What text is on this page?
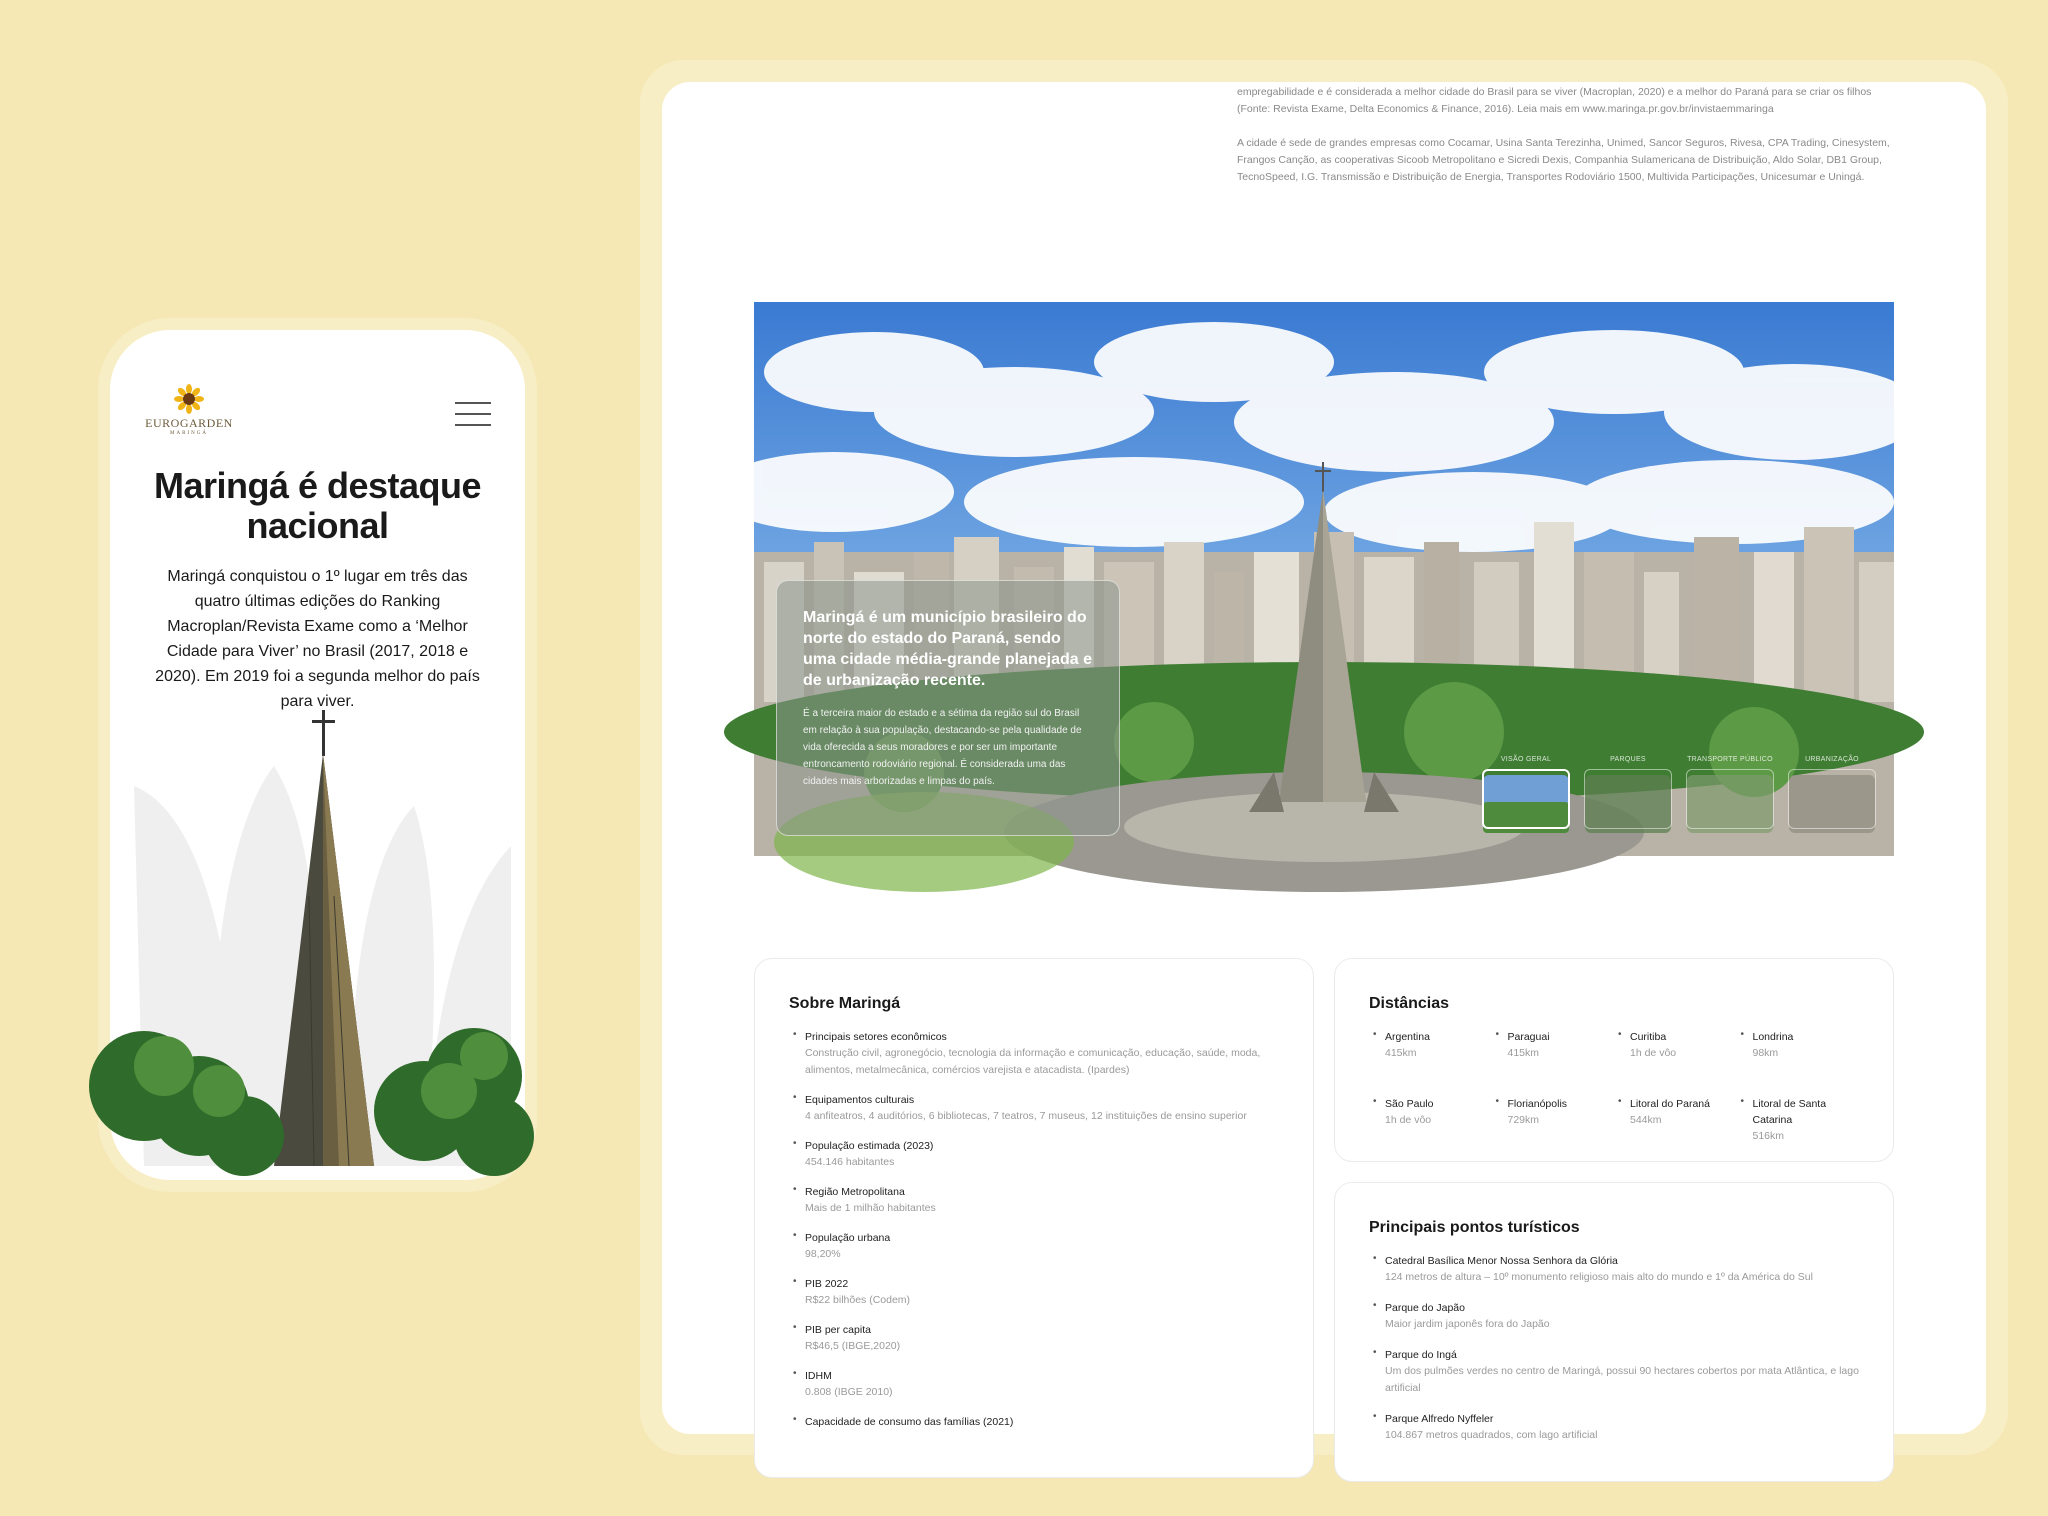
EUROGARDEN
MARINGÁ
Maringá é destaque nacional

Maringá conquistou o 1º lugar em três das quatro últimas edições do Ranking Macroplan/Revista Exame como a ‘Melhor Cidade para Viver’ no Brasil (2017, 2018 e 2020). Em 2019 foi a segunda melhor do país para viver.

empregabilidade e é considerada a melhor cidade do Brasil para se viver (Macroplan, 2020) e a melhor do Paraná para se criar os filhos (Fonte: Revista Exame, Delta Economics & Finance, 2016). Leia mais em www.maringa.pr.gov.br/invistaemmaringa

A cidade é sede de grandes empresas como Cocamar, Usina Santa Terezinha, Unimed, Sancor Seguros, Rivesa, CPA Trading, Cinesystem, Frangos Canção, as cooperativas Sicoob Metropolitano e Sicredi Dexis, Companhia Sulamericana de Distribuição, Aldo Solar, DB1 Group, TecnoSpeed, I.G. Transmissão e Distribuição de Energia, Transportes Rodoviário 1500, Multivida Participações, Unicesumar e Uningá.

Maringá é um município brasileiro do norte do estado do Paraná, sendo uma cidade média-grande planejada e de urbanização recente.

É a terceira maior do estado e a sétima da região sul do Brasil em relação à sua população, destacando-se pela qualidade de vida oferecida a seus moradores e por ser um importante entroncamento rodoviário regional. É considerada uma das cidades mais arborizadas e limpas do país.

VISÃO GERAL	PARQUES	TRANSPORTE PÚBLICO	URBANIZAÇÃO
Sobre Maringá
• Principais setores econômicos
Construção civil, agronegócio, tecnologia da informação e comunicação, educação, saúde, moda, alimentos, metalmecânica, comércios varejista e atacadista. (Ipardes)
• Equipamentos culturais
4 anfiteatros, 4 auditórios, 6 bibliotecas, 7 teatros, 7 museus, 12 instituições de ensino superior
• População estimada (2023)
454.146 habitantes
• Região Metropolitana
Mais de 1 milhão habitantes
• População urbana
98,20%
• PIB 2022
R$22 bilhões (Codem)
• PIB per capita
R$46,5 (IBGE,2020)
• IDHM
0.808 (IBGE 2010)
• Capacidade de consumo das famílias (2021)
Distâncias
• Argentina
415km
• Paraguai
415km
• Curitiba
1h de vôo
• Londrina
98km
• São Paulo
1h de vôo
• Florianópolis
729km
• Litoral do Paraná
544km
• Litoral de Santa Catarina
516km
Principais pontos turísticos
• Catedral Basílica Menor Nossa Senhora da Glória
124 metros de altura – 10º monumento religioso mais alto do mundo e 1º da América do Sul
• Parque do Japão
Maior jardim japonês fora do Japão
• Parque do Ingá
Um dos pulmões verdes no centro de Maringá, possui 90 hectares cobertos por mata Atlântica, e lago artificial
• Parque Alfredo Nyffeler
104.867 metros quadrados, com lago artificial
